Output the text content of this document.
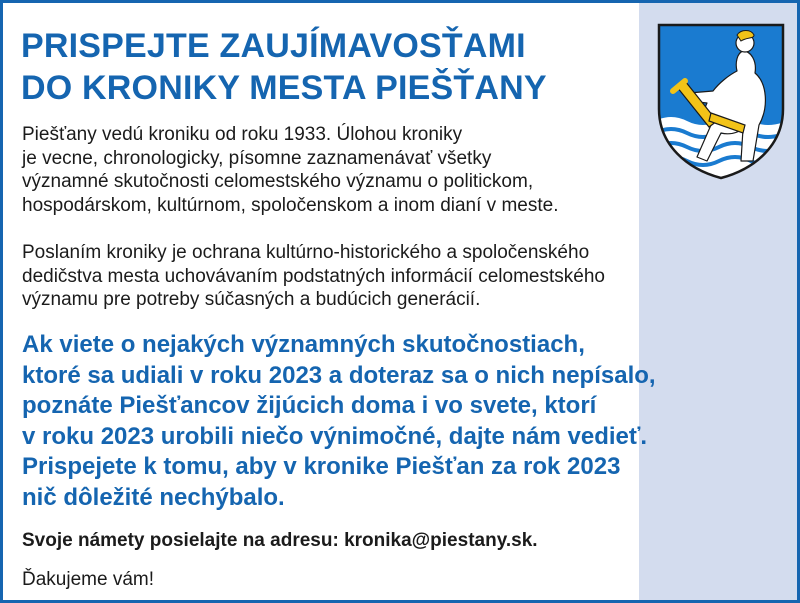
PRISPEJTE ZAUJÍMAVOSŤAMI
DO KRONIKY MESTA PIEŠŤANY

Piešťany vedú kroniku od roku 1933. Úlohou kroniky
je vecne, chronologicky, písomne zaznamenávať všetky
významné skutočnosti celomestského významu o politickom,
hospodárskom, kultúrnom, spoločenskom a inom dianí v meste.

Poslaním kroniky je ochrana kultúrno-historického a spoločenského
dedičstva mesta uchovávaním podstatných informácií celomestského
významu pre potreby súčasných a budúcich generácií.

Ak viete o nejakých významných skutočnostiach,
ktoré sa udiali v roku 2023 a doteraz sa o nich nepísalo,
poznáte Piešťancov žijúcich doma i vo svete, ktorí
v roku 2023 urobili niečo výnimočné, dajte nám vedieť.
Prispejete k tomu, aby v kronike Piešťan za rok 2023
nič dôležité nechýbalo.

Svoje námety posielajte na adresu: kronika@piestany.sk.

Ďakujeme vám!
